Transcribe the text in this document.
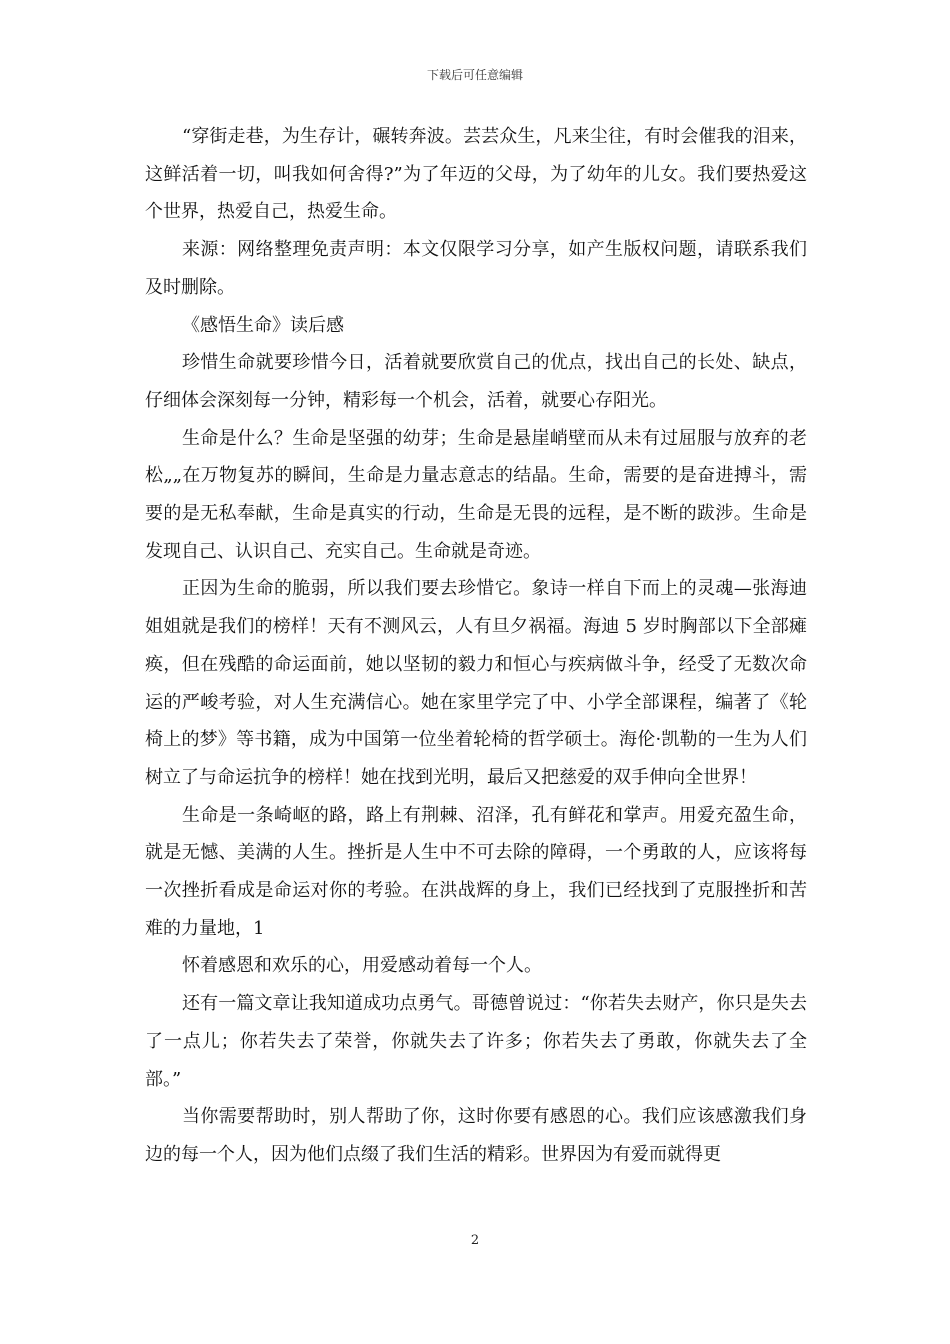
下载后可任意编辑

“穿街走巷，为生存计，碾转奔波。芸芸众生，凡来尘往，有时会催我的泪来，这鲜活着一切，叫我如何舍得?”为了年迈的父母，为了幼年的儿女。我们要热爱这个世界，热爱自己，热爱生命。

来源：网络整理免责声明：本文仅限学习分享，如产生版权问题，请联系我们及时删除。

《感悟生命》读后感

珍惜生命就要珍惜今日，活着就要欣赏自己的优点，找出自己的长处、缺点，仔细体会深刻每一分钟，精彩每一个机会，活着，就要心存阳光。

生命是什么？生命是坚强的幼芽；生命是悬崖峭壁而从未有过屈服与放弃的老松„„在万物复苏的瞬间，生命是力量志意志的结晶。生命，需要的是奋进搏斗，需要的是无私奉献，生命是真实的行动，生命是无畏的远程，是不断的跋涉。生命是发现自己、认识自己、充实自己。生命就是奇迹。

正因为生命的脆弱，所以我们要去珍惜它。象诗一样自下而上的灵魂—张海迪姐姐就是我们的榜样！天有不测风云，人有旦夕祸福。海迪 5 岁时胸部以下全部瘫痪，但在残酷的命运面前，她以坚韧的毅力和恒心与疾病做斗争，经受了无数次命运的严峻考验，对人生充满信心。她在家里学完了中、小学全部课程，编著了《轮椅上的梦》等书籍，成为中国第一位坐着轮椅的哲学硕士。海伦·凯勒的一生为人们树立了与命运抗争的榜样！她在找到光明，最后又把慈爱的双手伸向全世界！

生命是一条崎岖的路，路上有荆棘、沼泽，孔有鲜花和掌声。用爱充盈生命，就是无憾、美满的人生。挫折是人生中不可去除的障碍，一个勇敢的人，应该将每一次挫折看成是命运对你的考验。在洪战辉的身上，我们已经找到了克服挫折和苦难的力量地，1

怀着感恩和欢乐的心，用爱感动着每一个人。

还有一篇文章让我知道成功点勇气。哥德曾说过：“你若失去财产，你只是失去了一点儿；你若失去了荣誉，你就失去了许多；你若失去了勇敢，你就失去了全部。”

当你需要帮助时，别人帮助了你，这时你要有感恩的心。我们应该感激我们身边的每一个人，因为他们点缀了我们生活的精彩。世界因为有爱而就得更

2
